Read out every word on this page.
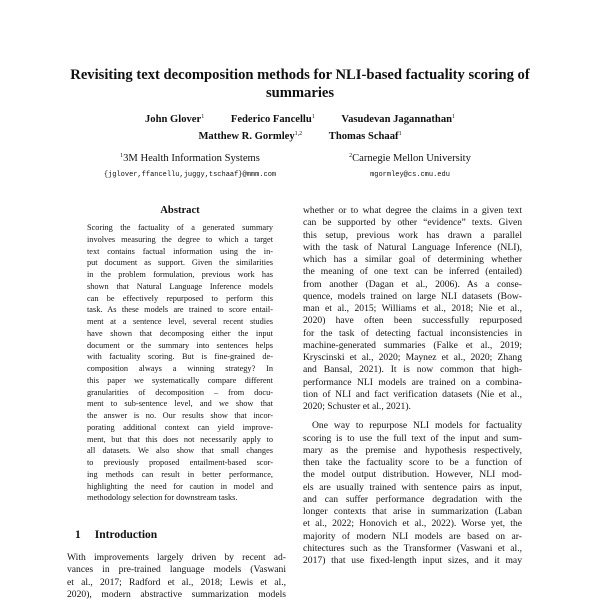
Revisiting text decomposition methods for NLI-based factuality scoring of
summaries
John Glover$^1$	Federico Fancellu$^1$	Vasudevan Jagannathan$^1$
Matthew R. Gormley$^{1,2}$	Thomas Schaaf$^1$
$^1$3M Health Information Systems
{jglover,ffancellu,juggy,tschaaf}@mmm.com
$^2$Carnegie Mellon University
mgormley@cs.cmu.edu
Abstract
Scoring the factuality of a generated summary
involves measuring the degree to which a target
text contains factual information using the in-
put document as support. Given the similarities
in the problem formulation, previous work has
shown that Natural Language Inference models
can be effectively repurposed to perform this
task. As these models are trained to score entail-
ment at a sentence level, several recent studies
have shown that decomposing either the input
document or the summary into sentences helps
with factuality scoring. But is fine-grained de-
composition always a winning strategy? In
this paper we systematically compare different
granularities of decomposition – from docu-
ment to sub-sentence level, and we show that
the answer is no. Our results show that incor-
porating additional context can yield improve-
ment, but that this does not necessarily apply to
all datasets. We also show that small changes
to previously proposed entailment-based scor-
ing methods can result in better performance,
highlighting the need for caution in model and
methodology selection for downstream tasks.
1 Introduction
With improvements largely driven by recent ad-
vances in pre-trained language models (Vaswani
et al., 2017; Radford et al., 2018; Lewis et al.,
2020), modern abstractive summarization models
whether or to what degree the claims in a given text
can be supported by other “evidence” texts. Given
this setup, previous work has drawn a parallel
with the task of Natural Language Inference (NLI),
which has a similar goal of determining whether
the meaning of one text can be inferred (entailed)
from another (Dagan et al., 2006). As a conse-
quence, models trained on large NLI datasets (Bow-
man et al., 2015; Williams et al., 2018; Nie et al.,
2020) have often been successfully repurposed
for the task of detecting factual inconsistencies in
machine-generated summaries (Falke et al., 2019;
Kryscinski et al., 2020; Maynez et al., 2020; Zhang
and Bansal, 2021). It is now common that high-
performance NLI models are trained on a combina-
tion of NLI and fact verification datasets (Nie et al.,
2020; Schuster et al., 2021).
One way to repurpose NLI models for factuality
scoring is to use the full text of the input and sum-
mary as the premise and hypothesis respectively,
then take the factuality score to be a function of
the model output distribution. However, NLI mod-
els are usually trained with sentence pairs as input,
and can suffer performance degradation with the
longer contexts that arise in summarization (Laban
et al., 2022; Honovich et al., 2022). Worse yet, the
majority of modern NLI models are based on ar-
chitectures such as the Transformer (Vaswani et al.,
2017) that use fixed-length input sizes, and it may
